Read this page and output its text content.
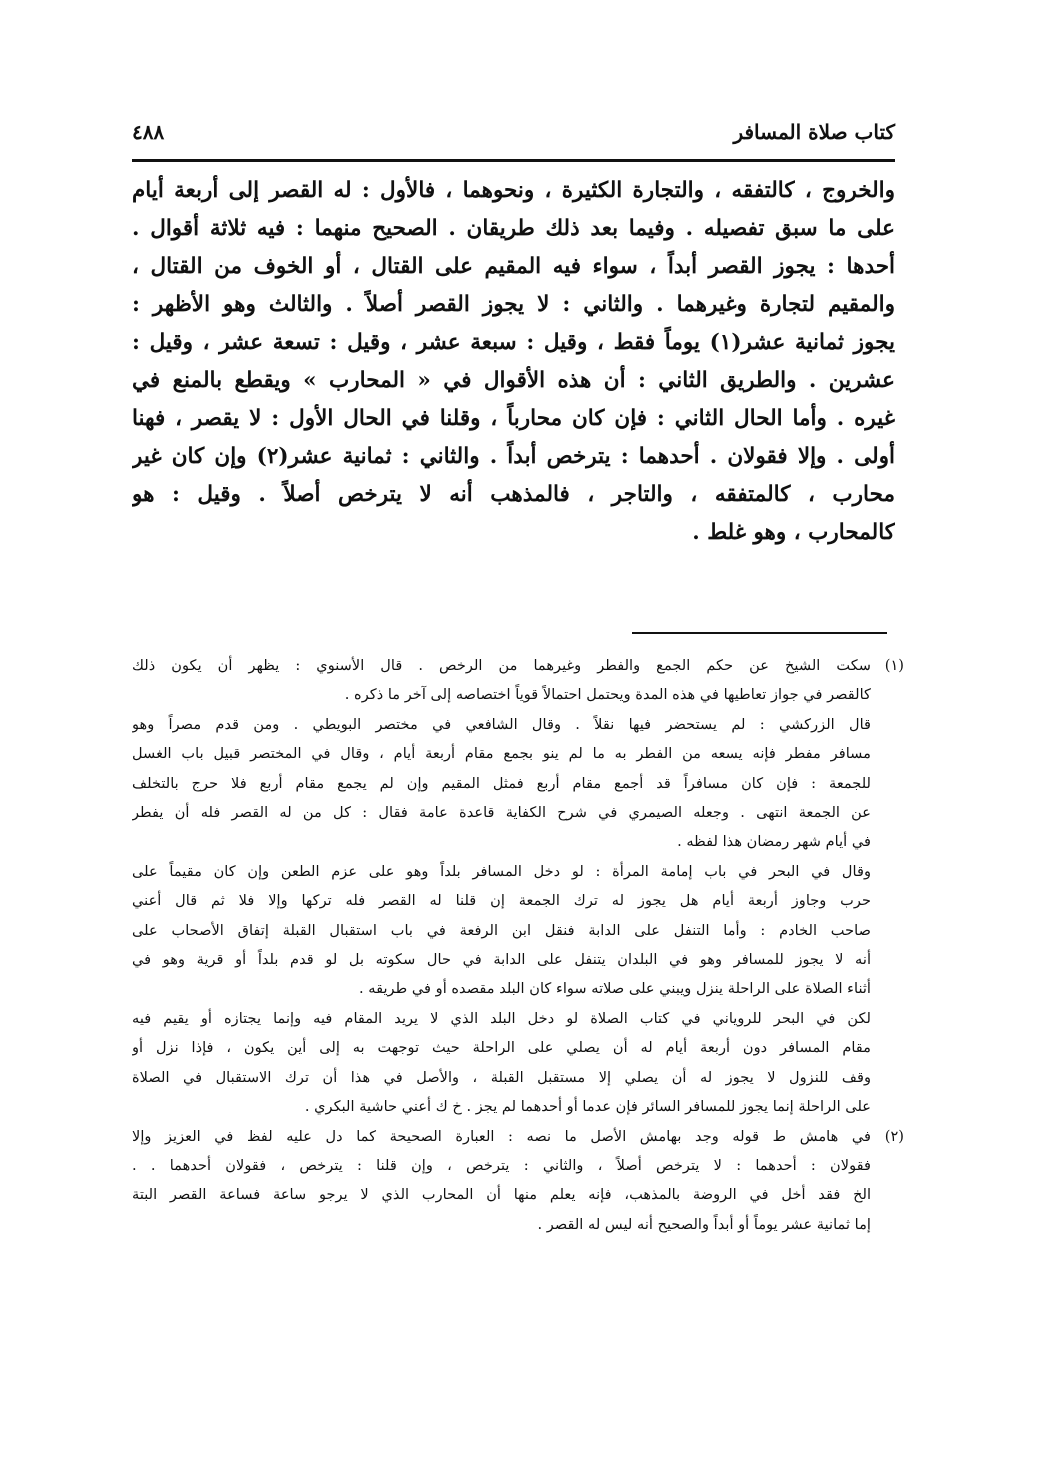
كتاب صلاة المسافر
٤٨٨
والخروج ، كالتفقه ، والتجارة الكثيرة ، ونحوهما ، فالأول : له القصر إلى أربعة أيام
على ما سبق تفصيله . وفيما بعد ذلك طريقان . الصحيح منهما : فيه ثلاثة أقوال .
أحدها : يجوز القصر أبداً ، سواء فيه المقيم على القتال ، أو الخوف من القتال ،
والمقيم لتجارة وغيرهما . والثاني : لا يجوز القصر أصلاً . والثالث وهو الأظهر :
يجوز ثمانية عشر(١) يوماً فقط ، وقيل : سبعة عشر ، وقيل : تسعة عشر ، وقيل :
عشرين . والطريق الثاني : أن هذه الأقوال في « المحارب » ويقطع بالمنع في
غيره . وأما الحال الثاني : فإن كان محارباً ، وقلنا في الحال الأول : لا يقصر ، فهنا
أولى . وإلا فقولان . أحدهما : يترخص أبداً . والثاني : ثمانية عشر(٢) وإن كان غير
محارب ، كالمتفقه ، والتاجر ، فالمذهب أنه لا يترخص أصلاً . وقيل : هو
كالمحارب ، وهو غلط .
(١)
سكت الشيخ عن حكم الجمع والفطر وغيرهما من الرخص . قال الأسنوي : يظهر أن يكون ذلك
كالقصر في جواز تعاطيها في هذه المدة ويحتمل احتمالاً قوياً اختصاصه إلى آخر ما ذكره .
قال الزركشي : لم يستحضر فيها نقلاً . وقال الشافعي في مختصر البويطي . ومن قدم مصراً وهو
مسافر مفطر فإنه يسعه من الفطر به ما لم ينو بجمع مقام أربعة أيام ، وقال في المختصر قبيل باب الغسل
للجمعة : فإن كان مسافراً قد أجمع مقام أربع فمثل المقيم وإن لم يجمع مقام أربع فلا حرج بالتخلف
عن الجمعة انتهى . وجعله الصيمري في شرح الكفاية قاعدة عامة فقال : كل من له القصر فله أن يفطر
في أيام شهر رمضان هذا لفظه .
وقال في البحر في باب إمامة المرأة : لو دخل المسافر بلداً وهو على عزم الطعن وإن كان مقيماً على
حرب وجاوز أربعة أيام هل يجوز له ترك الجمعة إن قلنا له القصر فله تركها وإلا فلا ثم قال أعني
صاحب الخادم : وأما التنفل على الدابة فنقل ابن الرفعة في باب استقبال القبلة إتفاق الأصحاب على
أنه لا يجوز للمسافر وهو في البلدان يتنفل على الدابة في حال سكوته بل لو قدم بلداً أو قرية وهو في
أثناء الصلاة على الراحلة ينزل ويبني على صلاته سواء كان البلد مقصده أو في طريقه .
لكن في البحر للروياني في كتاب الصلاة لو دخل البلد الذي لا يريد المقام فيه وإنما يجتازه أو يقيم فيه
مقام المسافر دون أربعة أيام له أن يصلي على الراحلة حيث توجهت به إلى أين يكون ، فإذا نزل أو
وقف للنزول لا يجوز له أن يصلي إلا مستقبل القبلة ، والأصل في هذا أن ترك الاستقبال في الصلاة
على الراحلة إنما يجوز للمسافر السائر فإن عدما أو أحدهما لم يجز . خ ك أعني حاشية البكري .
(٢)
في هامش ط قوله وجد بهامش الأصل ما نصه : العبارة الصحيحة كما دل عليه لفظ في العزيز وإلا
فقولان : أحدهما : لا يترخص أصلاً ، والثاني : يترخص ، وإن قلنا : يترخص ، فقولان أحدهما . .
الخ فقد أخل في الروضة بالمذهب، فإنه يعلم منها أن المحارب الذي لا يرجو ساعة فساعة القصر البتة
إما ثمانية عشر يوماً أو أبداً والصحيح أنه ليس له القصر .
